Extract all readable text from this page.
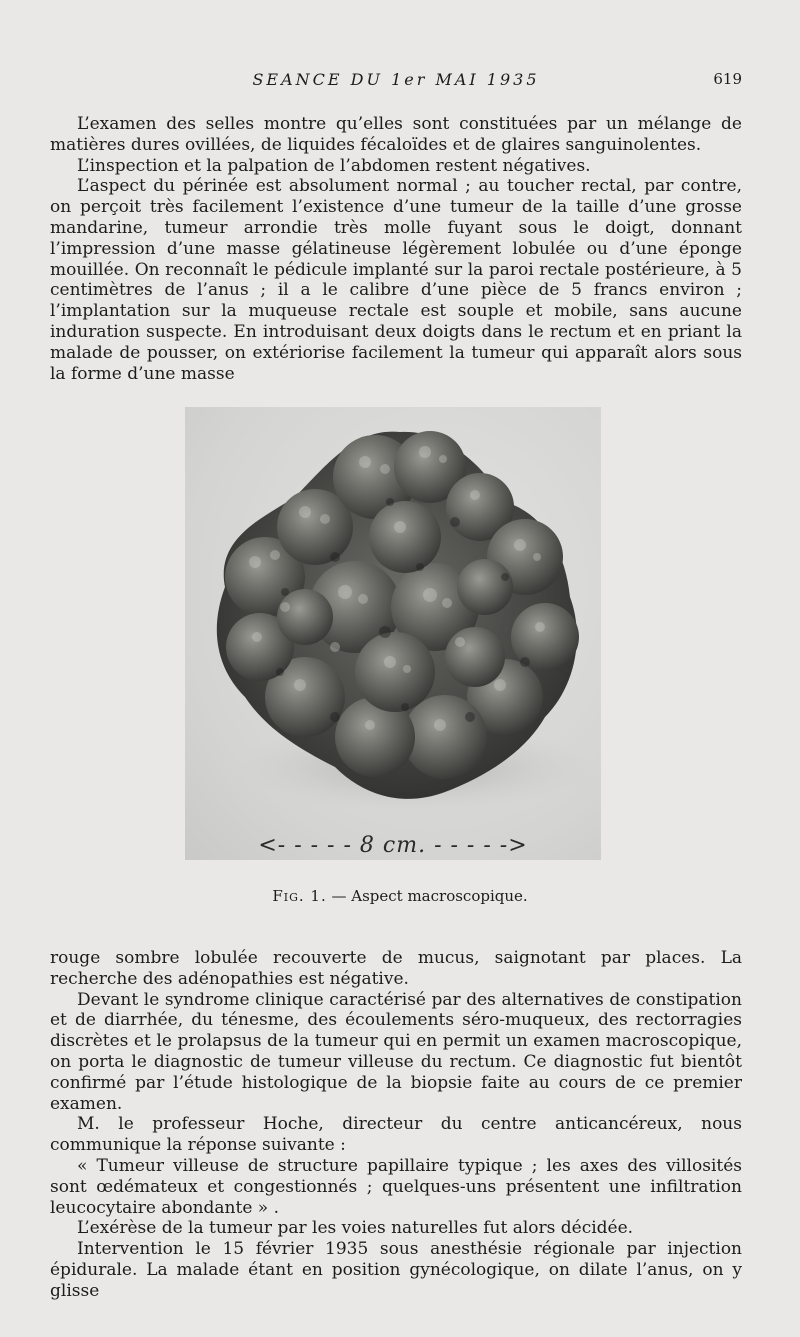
SEANCE DU 1er MAI 1935	619

L’examen des selles montre qu’elles sont constituées par un mélange de matières dures ovillées, de liquides fécaloïdes et de glaires sanguinolentes.

L’inspection et la palpation de l’abdomen restent négatives.

L’aspect du périnée est absolument normal ; au toucher rectal, par contre, on perçoit très facilement l’existence d’une tumeur de la taille d’une grosse mandarine, tumeur arrondie très molle fuyant sous le doigt, donnant l’impression d’une masse gélatineuse légèrement lobulée ou d’une éponge mouillée. On reconnaît le pédicule implanté sur la paroi rectale postérieure, à 5 centimètres de l’anus ; il a le calibre d’une pièce de 5 francs environ ; l’implantation sur la muqueuse rectale est souple et mobile, sans aucune induration suspecte. En introduisant deux doigts dans le rectum et en priant la malade de pousser, on extériorise facilement la tumeur qui apparaît alors sous la forme d’une masse

<- - - - - 8 cm. - - - - ->
Fig. 1. — Aspect macroscopique.

rouge sombre lobulée recouverte de mucus, saignotant par places. La recherche des adénopathies est négative.

Devant le syndrome clinique caractérisé par des alternatives de constipation et de diarrhée, du ténesme, des écoulements séro-muqueux, des rectorragies discrètes et le prolapsus de la tumeur qui en permit un examen macroscopique, on porta le diagnostic de tumeur villeuse du rectum. Ce diagnostic fut bientôt confirmé par l’étude histologique de la biopsie faite au cours de ce premier examen.

M. le professeur Hoche, directeur du centre anticancéreux, nous communique la réponse suivante :

« Tumeur villeuse de structure papillaire typique ; les axes des villosités sont œdémateux et congestionnés ; quelques-uns présentent une infiltration leucocytaire abondante » .

L’exérèse de la tumeur par les voies naturelles fut alors décidée.

Intervention le 15 février 1935 sous anesthésie régionale par injection épidurale. La malade étant en position gynécologique, on dilate l’anus, on y glisse
